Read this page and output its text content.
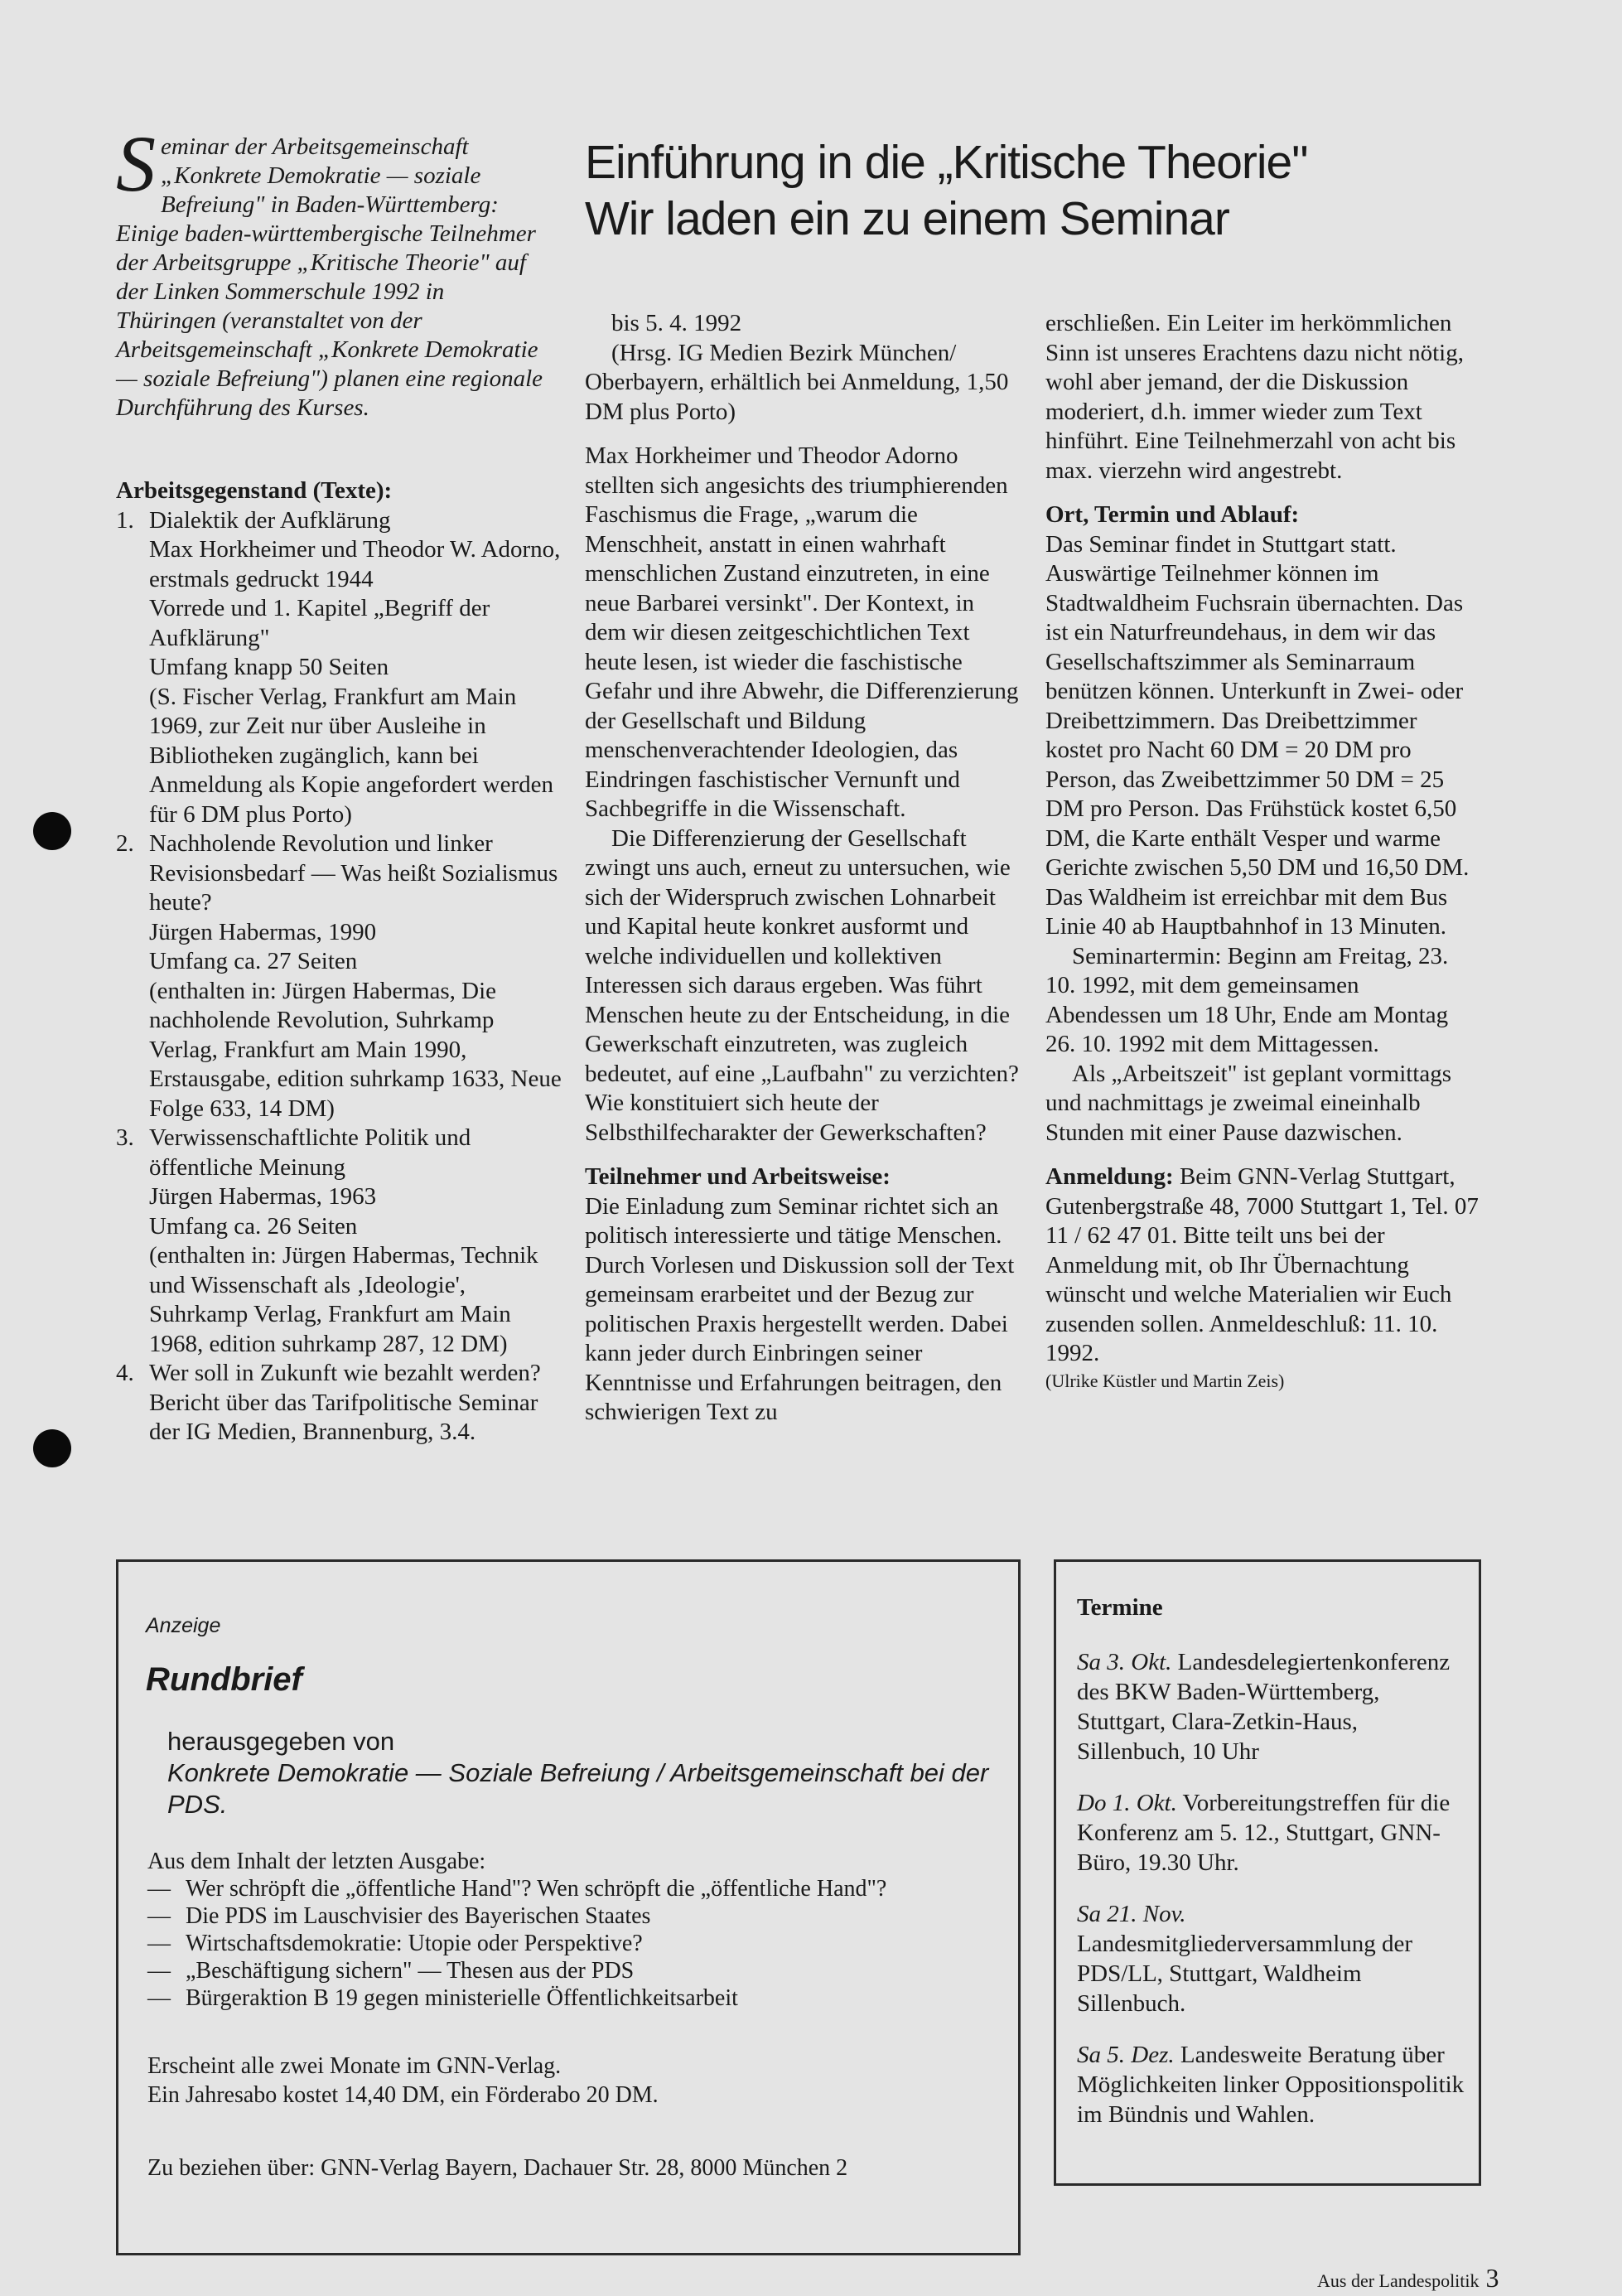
Seminar der Arbeitsgemeinschaft „Konkrete Demokratie — soziale Befreiung" in Baden-Württemberg: Einige baden-württembergische Teilnehmer der Arbeitsgruppe „Kritische Theorie" auf der Linken Sommerschule 1992 in Thüringen (veranstaltet von der Arbeitsgemeinschaft „Konkrete Demokratie — soziale Befreiung") planen eine regionale Durchführung des Kurses.
Einführung in die „Kritische Theorie"
Wir laden ein zu einem Seminar

Arbeitsgegenstand (Texte):

1. Dialektik der Aufklärung
Max Horkheimer und Theodor W. Adorno, erstmals gedruckt 1944
Vorrede und 1. Kapitel „Begriff der Aufklärung"
Umfang knapp 50 Seiten
(S. Fischer Verlag, Frankfurt am Main 1969, zur Zeit nur über Ausleihe in Bibliotheken zugänglich, kann bei Anmeldung als Kopie angefordert werden für 6 DM plus Porto)
2. Nachholende Revolution und linker Revisionsbedarf — Was heißt Sozialismus heute?
Jürgen Habermas, 1990
Umfang ca. 27 Seiten
(enthalten in: Jürgen Habermas, Die nachholende Revolution, Suhrkamp Verlag, Frankfurt am Main 1990, Erstausgabe, edition suhrkamp 1633, Neue Folge 633, 14 DM)
3. Verwissenschaftlichte Politik und öffentliche Meinung
Jürgen Habermas, 1963
Umfang ca. 26 Seiten
(enthalten in: Jürgen Habermas, Technik und Wissenschaft als ‚Ideologie', Suhrkamp Verlag, Frankfurt am Main 1968, edition suhrkamp 287, 12 DM)
4. Wer soll in Zukunft wie bezahlt werden?
Bericht über das Tarifpolitische Seminar der IG Medien, Brannenburg, 3.4.

bis 5. 4. 1992

(Hrsg. IG Medien Bezirk München/ Oberbayern, erhältlich bei Anmeldung, 1,50 DM plus Porto)

Max Horkheimer und Theodor Adorno stellten sich angesichts des triumphierenden Faschismus die Frage, „warum die Menschheit, anstatt in einen wahrhaft menschlichen Zustand einzutreten, in eine neue Barbarei versinkt". Der Kontext, in dem wir diesen zeitgeschichtlichen Text heute lesen, ist wieder die faschistische Gefahr und ihre Abwehr, die Differenzierung der Gesellschaft und Bildung menschenverachtender Ideologien, das Eindringen faschistischer Vernunft und Sachbegriffe in die Wissenschaft.

Die Differenzierung der Gesellschaft zwingt uns auch, erneut zu untersuchen, wie sich der Widerspruch zwischen Lohnarbeit und Kapital heute konkret ausformt und welche individuellen und kollektiven Interessen sich daraus ergeben. Was führt Menschen heute zu der Entscheidung, in die Gewerkschaft einzutreten, was zugleich bedeutet, auf eine „Laufbahn" zu verzichten? Wie konstituiert sich heute der Selbsthilfecharakter der Gewerkschaften?

Teilnehmer und Arbeitsweise:

Die Einladung zum Seminar richtet sich an politisch interessierte und tätige Menschen. Durch Vorlesen und Diskussion soll der Text gemeinsam erarbeitet und der Bezug zur politischen Praxis hergestellt werden. Dabei kann jeder durch Einbringen seiner Kenntnisse und Erfahrungen beitragen, den schwierigen Text zu

erschließen. Ein Leiter im herkömmlichen Sinn ist unseres Erachtens dazu nicht nötig, wohl aber jemand, der die Diskussion moderiert, d.h. immer wieder zum Text hinführt. Eine Teilnehmerzahl von acht bis max. vierzehn wird angestrebt.

Ort, Termin und Ablauf:

Das Seminar findet in Stuttgart statt. Auswärtige Teilnehmer können im Stadtwaldheim Fuchsrain übernachten. Das ist ein Naturfreundehaus, in dem wir das Gesellschaftszimmer als Seminarraum benützen können. Unterkunft in Zwei- oder Dreibettzimmern. Das Dreibettzimmer kostet pro Nacht 60 DM = 20 DM pro Person, das Zweibettzimmer 50 DM = 25 DM pro Person. Das Frühstück kostet 6,50 DM, die Karte enthält Vesper und warme Gerichte zwischen 5,50 DM und 16,50 DM. Das Waldheim ist erreichbar mit dem Bus Linie 40 ab Hauptbahnhof in 13 Minuten.

Seminartermin: Beginn am Freitag, 23. 10. 1992, mit dem gemeinsamen Abendessen um 18 Uhr, Ende am Montag 26. 10. 1992 mit dem Mittagessen.

Als „Arbeitszeit" ist geplant vormittags und nachmittags je zweimal eineinhalb Stunden mit einer Pause dazwischen.

Anmeldung: Beim GNN-Verlag Stuttgart, Gutenbergstraße 48, 7000 Stuttgart 1, Tel. 07 11 / 62 47 01. Bitte teilt uns bei der Anmeldung mit, ob Ihr Übernachtung wünscht und welche Materialien wir Euch zusenden sollen. Anmeldeschluß: 11. 10. 1992.

(Ulrike Küstler und Martin Zeis)

Anzeige
Rundbrief
herausgegeben von
Konkrete Demokratie — Soziale Befreiung / Arbeitsgemeinschaft bei der PDS.

Aus dem Inhalt der letzten Ausgabe:

— Wer schröpft die „öffentliche Hand"? Wen schröpft die „öffentliche Hand"?
— Die PDS im Lauschvisier des Bayerischen Staates
— Wirtschaftsdemokratie: Utopie oder Perspektive?
— „Beschäftigung sichern" — Thesen aus der PDS
— Bürgeraktion B 19 gegen ministerielle Öffentlichkeitsarbeit

Erscheint alle zwei Monate im GNN-Verlag.

Ein Jahresabo kostet 14,40 DM, ein Förderabo 20 DM.

Zu beziehen über: GNN-Verlag Bayern, Dachauer Str. 28, 8000 München 2

Termine

Sa 3. Okt. Landesdelegiertenkonferenz des BKW Baden-Württemberg, Stuttgart, Clara-Zetkin-Haus, Sillenbuch, 10 Uhr

Do 1. Okt. Vorbereitungstreffen für die Konferenz am 5. 12., Stuttgart, GNN-Büro, 19.30 Uhr.

Sa 21. Nov. Landesmitgliederversammlung der PDS/LL, Stuttgart, Waldheim Sillenbuch.

Sa 5. Dez. Landesweite Beratung über Möglichkeiten linker Oppositionspolitik im Bündnis und Wahlen.

Aus der Landespolitik 3
